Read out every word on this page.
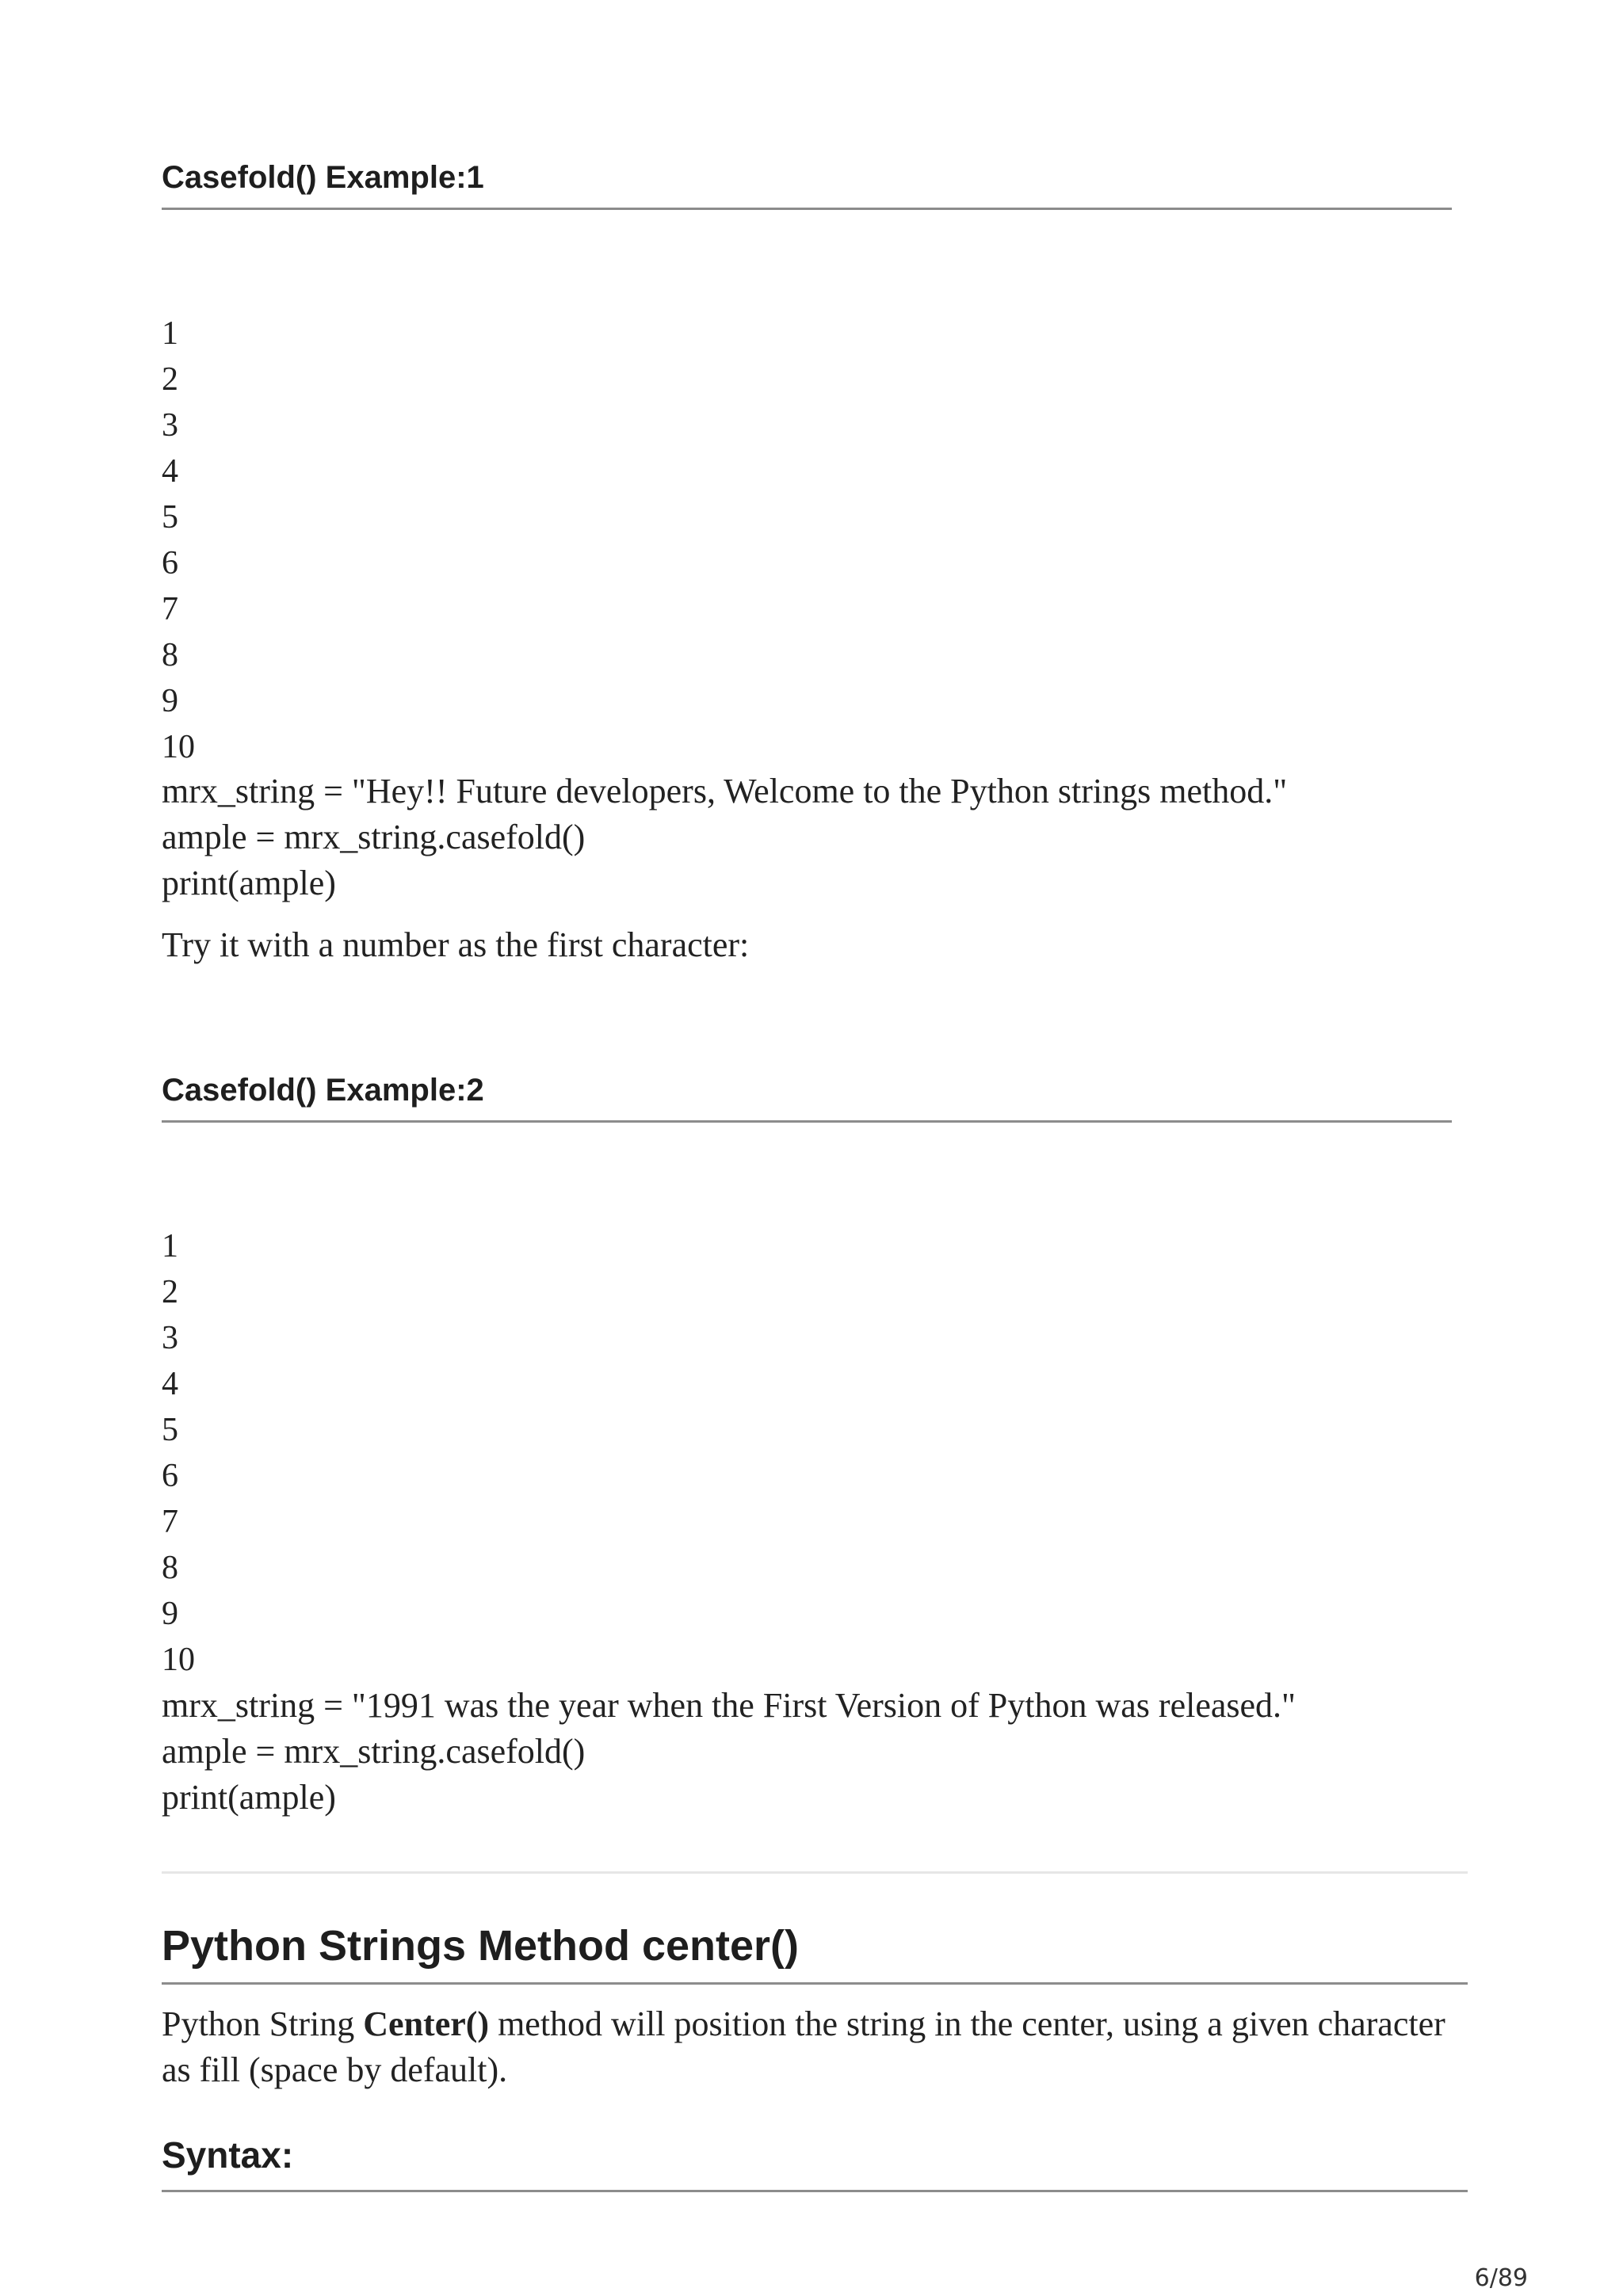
Casefold() Example:1
1
2
3
4
5
6
7
8
9
10
mrx_string = "Hey!! Future developers, Welcome to the Python strings method."
ample = mrx_string.casefold()
print(ample)

Try it with a number as the first character:

Casefold() Example:2
1
2
3
4
5
6
7
8
9
10
mrx_string = "1991 was the year when the First Version of Python was released."
ample = mrx_string.casefold()
print(ample)
Python Strings Method center()

Python String Center() method will position the string in the center, using a given character as fill (space by default).

Syntax:
6/89
